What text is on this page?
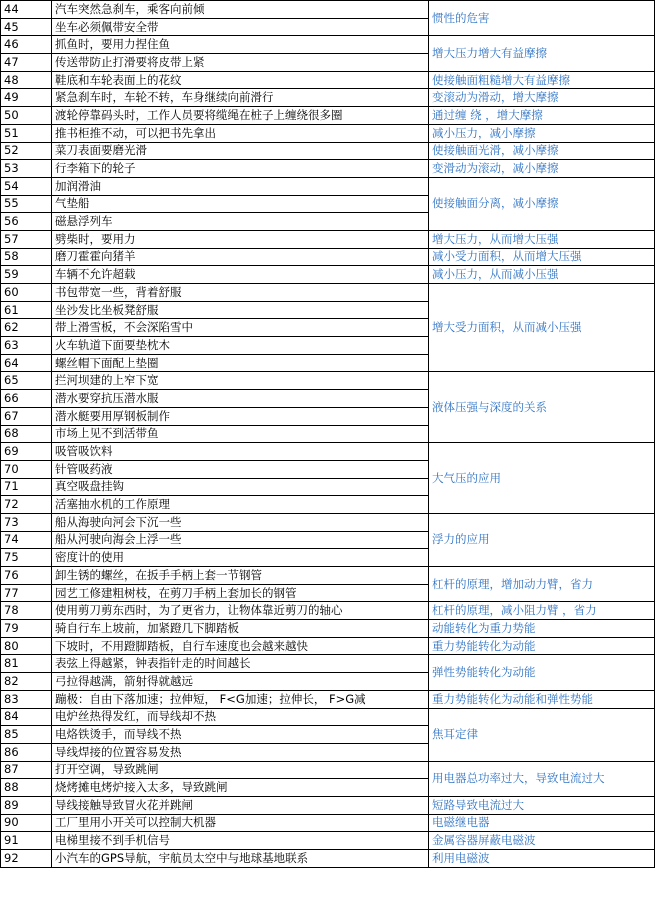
44	汽车突然急刹车，乘客向前倾	惯性的危害
45	坐车必须佩带安全带	
46	抓鱼时，要用力捏住鱼	增大压力增大有益摩擦
47	传送带防止打滑要将皮带上紧	
48	鞋底和车轮表面上的花纹	使接触面粗糙增大有益摩擦
49	紧急刹车时，车轮不转，车身继续向前滑行	变滚动为滑动，增大摩擦
50	渡轮停靠码头时，工作人员要将缆绳在桩子上缠绕很多圈	通过缠 绕 ，增大摩擦
51	推书柜推不动，可以把书先拿出	减小压力，减小摩擦
52	菜刀表面要磨光滑	使接触面光滑，减小摩擦
53	行李箱下的轮子	变滑动为滚动，减小摩擦
54	加润滑油	使接触面分离，减小摩擦
55	气垫船	
56	磁悬浮列车	
57	劈柴时，要用力	增大压力，从而增大压强
58	磨刀霍霍向猪羊	减小受力面积，从而增大压强
59	车辆不允许超载	减小压力，从而减小压强
60	书包带宽一些，背着舒服	增大受力面积，从而减小压强
61	坐沙发比坐板凳舒服	
62	带上滑雪板，不会深陷雪中	
63	火车轨道下面要垫枕木	
64	螺丝帽下面配上垫圈	
65	拦河坝建的上窄下宽	液体压强与深度的关系
66	潜水要穿抗压潜水服	
67	潜水艇要用厚钢板制作	
68	市场上见不到活带鱼	
69	吸管吸饮料	大气压的应用
70	针管吸药液	
71	真空吸盘挂钩	
72	活塞抽水机的工作原理	
73	船从海驶向河会下沉一些	浮力的应用
74	船从河驶向海会上浮一些	
75	密度计的使用	
76	卸生锈的螺丝，在扳手手柄上套一节钢管	杠杆的原理，增加动力臂，省力
77	园艺工修建粗树枝，在剪刀手柄上套加长的钢管	
78	使用剪刀剪东西时，为了更省力，让物体靠近剪刀的轴心	杠杆的原理，减小阻力臂 ，省力
79	骑自行车上坡前，加紧蹬几下脚踏板	动能转化为重力势能
80	下坡时，不用蹬脚踏板，自行车速度也会越来越快	重力势能转化为动能
81	表弦上得越紧，钟表指针走的时间越长	弹性势能转化为动能
82	弓拉得越满，箭射得就越远	
83	蹦极：自由下落加速；拉伸短， F<G加速；拉伸长， F>G减	重力势能转化为动能和弹性势能
84	电炉丝热得发红，而导线却不热	焦耳定律
85	电烙铁烫手，而导线不热	
86	导线焊接的位置容易发热	
87	打开空调，导致跳闸	用电器总功率过大，导致电流过大
88	烧烤摊电烤炉接入太多，导致跳闸	
89	导线接触导致冒火花并跳闸	短路导致电流过大
90	工厂里用小开关可以控制大机器	电磁继电器
91	电梯里接不到手机信号	金属容器屏蔽电磁波
92	小汽车的GPS导航，宇航员太空中与地球基地联系	利用电磁波
